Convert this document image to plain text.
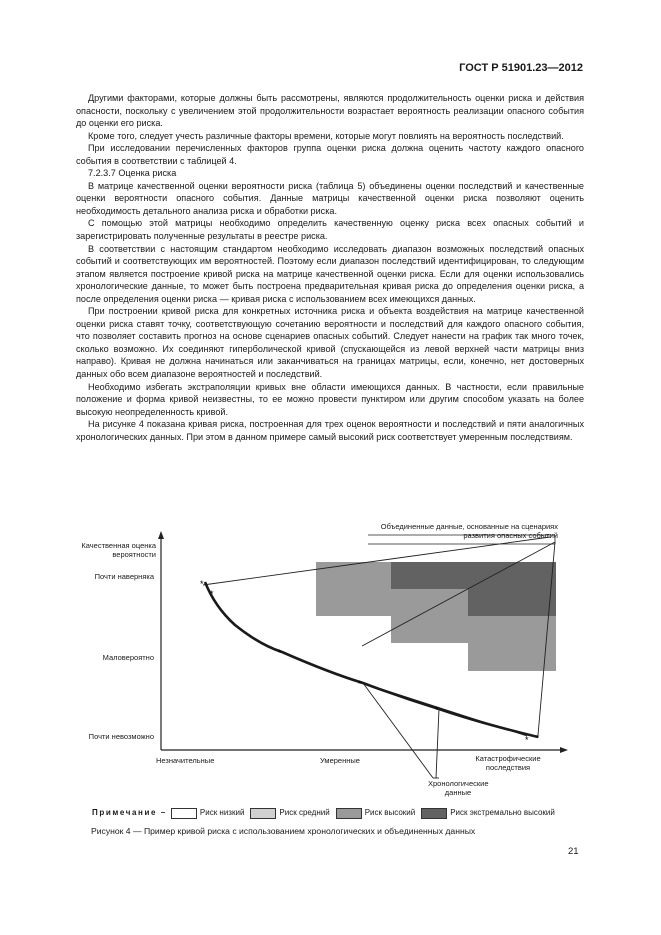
ГОСТ Р 51901.23—2012

Другими факторами, которые должны быть рассмотрены, являются продолжительность оценки риска и действия опасности, поскольку с увеличением этой продолжительности возрастает вероятность реализации опасного события до оценки его риска.

Кроме того, следует учесть различные факторы времени, которые могут повлиять на вероятность последствий.

При исследовании перечисленных факторов группа оценки риска должна оценить частоту каждого опасного события в соответствии с таблицей 4.

7.2.3.7 Оценка риска

В матрице качественной оценки вероятности риска (таблица 5) объединены оценки последствий и качественные оценки вероятности опасного события. Данные матрицы качественной оценки риска позволяют оценить необходимость детального анализа риска и обработки риска.

С помощью этой матрицы необходимо определить качественную оценку риска всех опасных событий и зарегистрировать полученные результаты в реестре риска.

В соответствии с настоящим стандартом необходимо исследовать диапазон возможных последствий опасных событий и соответствующих им вероятностей. Поэтому если диапазон последствий идентифицирован, то следующим этапом является построение кривой риска на матрице качественной оценки риска. Если для оценки использовались хронологические данные, то может быть построена предварительная кривая риска до определения оценки риска, а после определения оценки риска — кривая риска с использованием всех имеющихся данных.

При построении кривой риска для конкретных источника риска и объекта воздействия на матрице качественной оценки риска ставят точку, соответствующую сочетанию вероятности и последствий для каждого опасного события, что позволяет составить прогноз на основе сценариев опасных событий. Следует нанести на график так много точек, сколько возможно. Их соединяют гиперболической кривой (спускающейся из левой верхней части матрицы вниз направо). Кривая не должна начинаться или заканчиваться на границах матрицы, если, конечно, нет достоверных данных обо всем диапазоне вероятностей и последствий.

Необходимо избегать экстраполяции кривых вне области имеющихся данных. В частности, если правильные положение и форма кривой неизвестны, то ее можно провести пунктиром или другим способом указать на более высокую неопределенность кривой.

На рисунке 4 показана кривая риска, построенная для трех оценок вероятности и последствий и пяти аналогичных хронологических данных. При этом в данном примере самый высокий риск соответствует умеренным последствиям.

*
*
*
*
*
* *
Качественная оценка вероятности
Почти наверняка
Маловероятно
Почти невозможно
Незначительные	Умеренные	Катастрофические последствия
Объединенные данные, основанные на сценариях развития опасных событий
Хронологические данные
Примечание –	Риск низкий	Риск средний	Риск высокий	Риск экстремально высокий
Рисунок 4 — Пример кривой риска с использованием хронологических и объединенных данных
21
